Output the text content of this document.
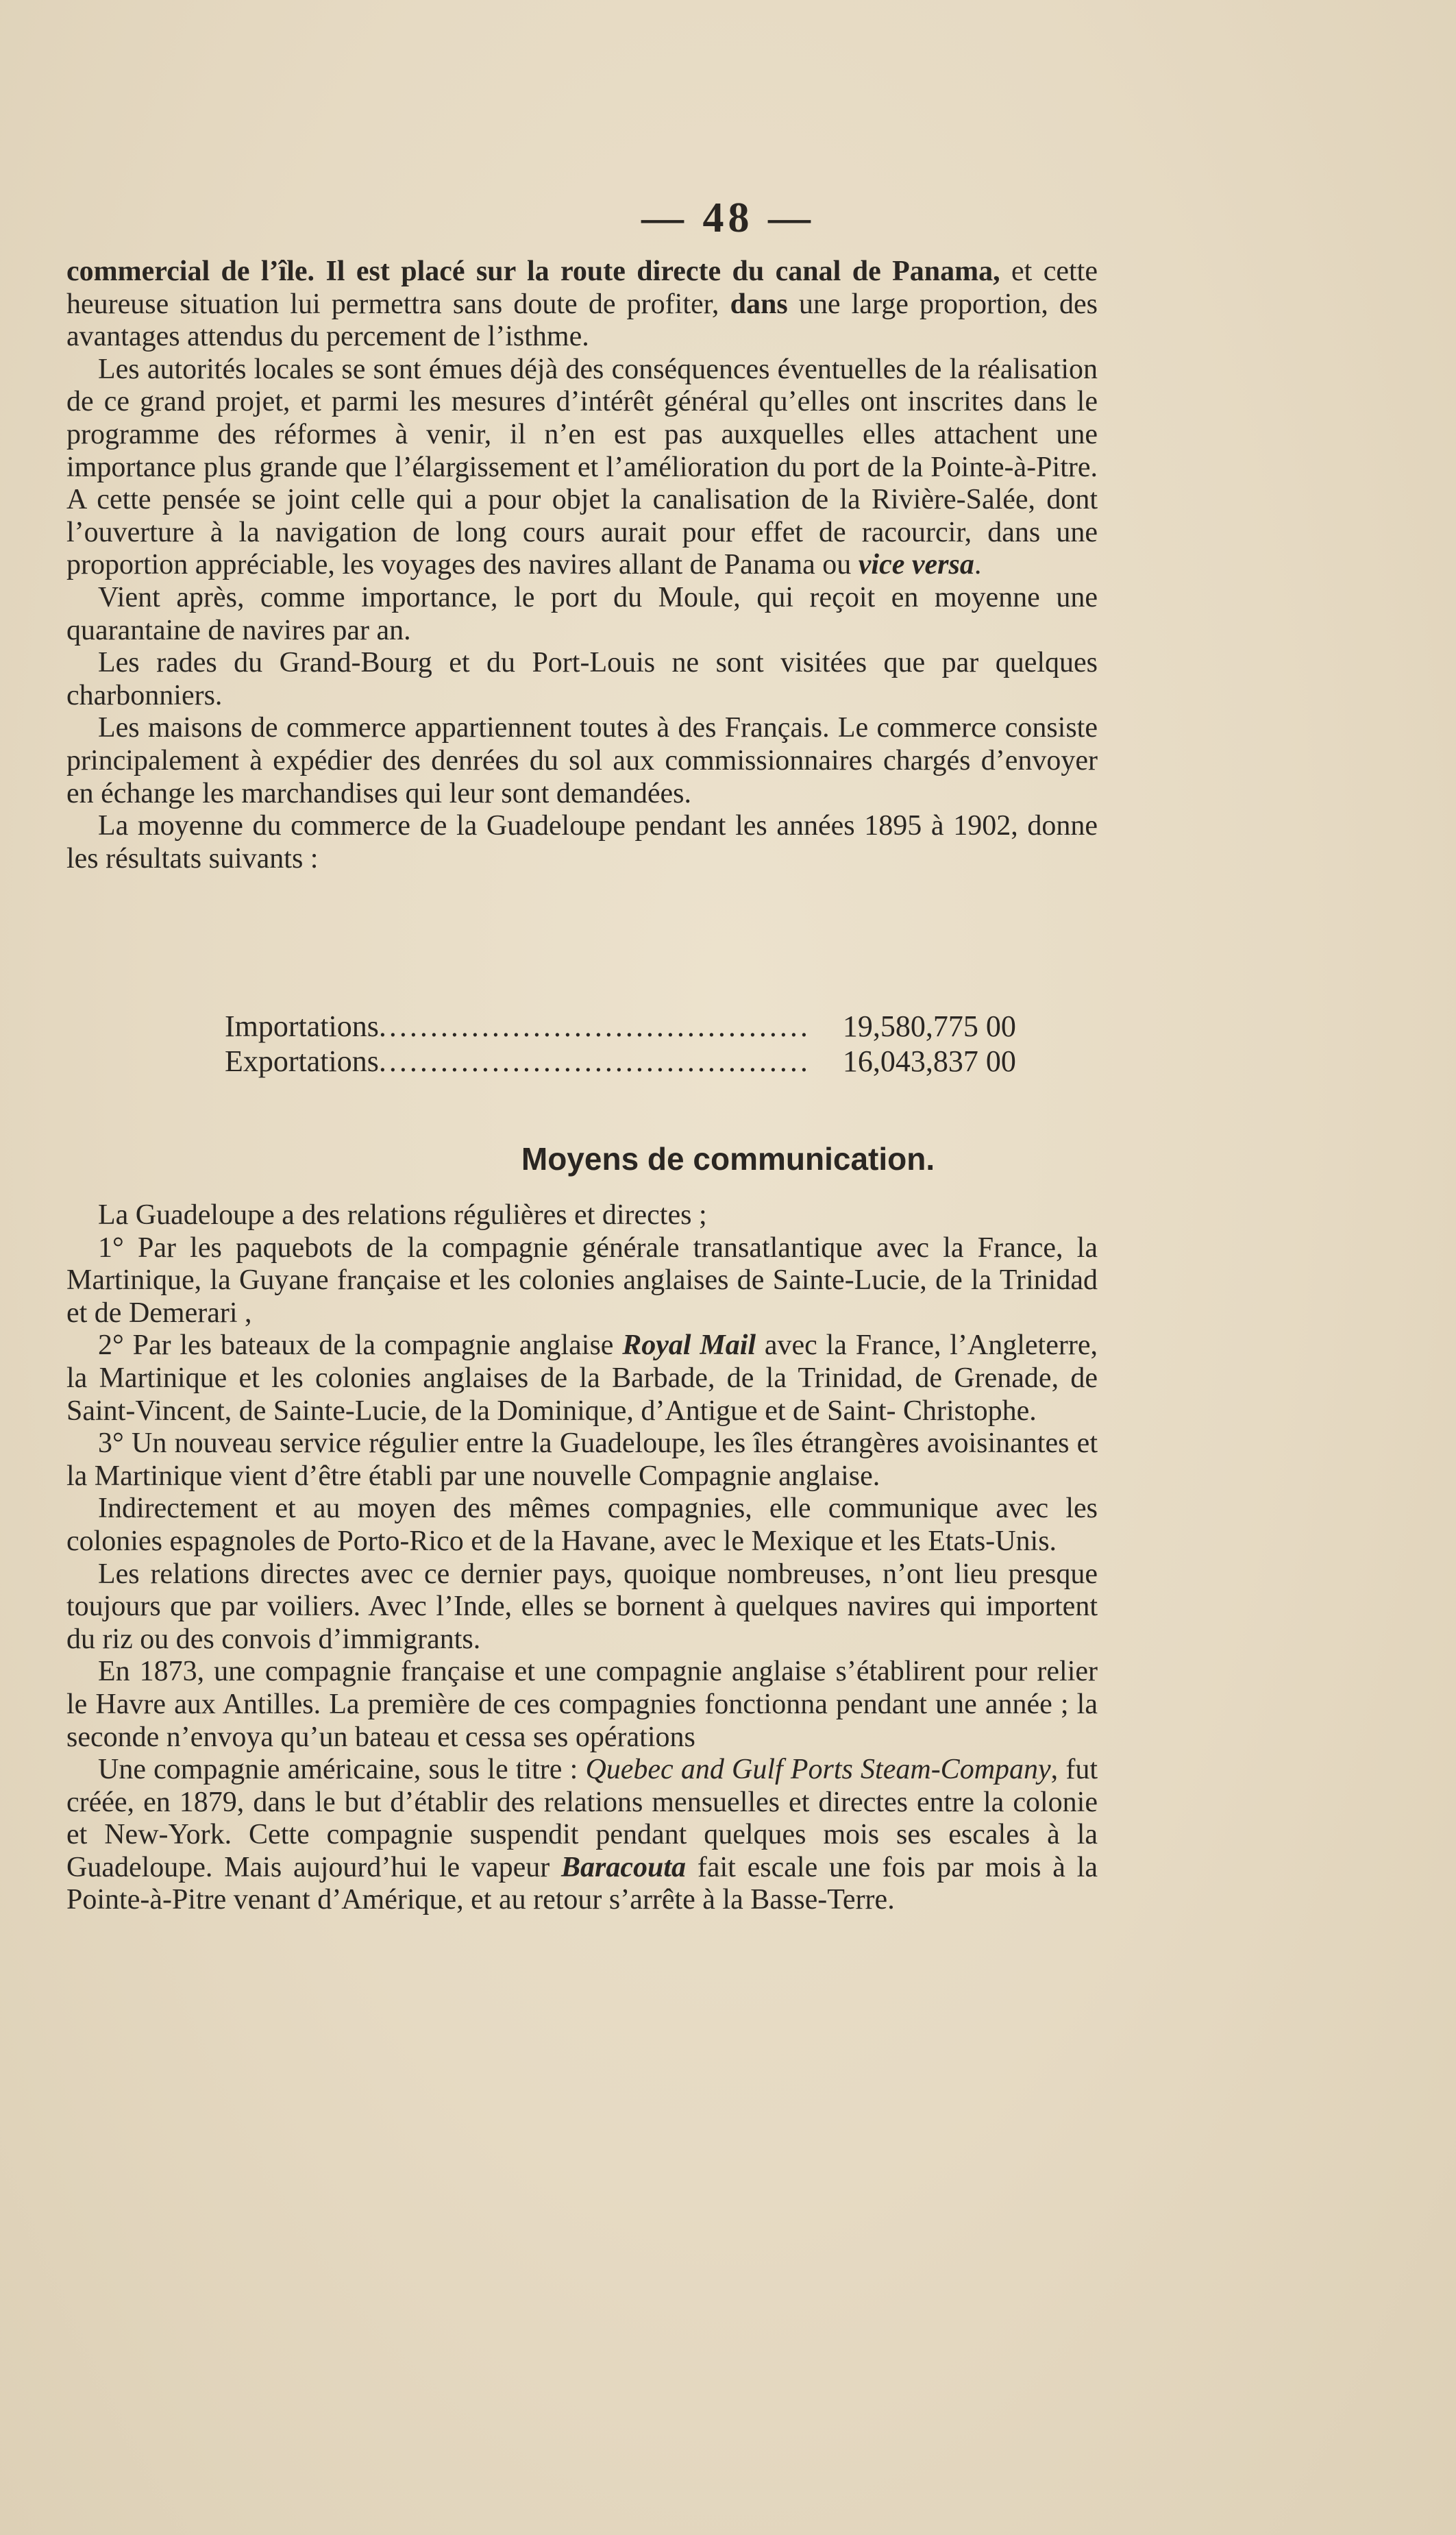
— 48 —

commercial de l’île. Il est placé sur la route directe du canal de Panama, et cette heureuse situation lui permettra sans doute de profiter, dans une large proportion, des avantages attendus du percement de l’isthme.

Les autorités locales se sont émues déjà des conséquences éventuelles de la réalisation de ce grand projet, et parmi les mesures d’intérêt général qu’elles ont inscrites dans le programme des réformes à venir, il n’en est pas auxquelles elles attachent une importance plus grande que l’élargissement et l’amélioration du port de la Pointe-à-Pitre. A cette pensée se joint celle qui a pour objet la canalisation de la Rivière-Salée, dont l’ouverture à la navigation de long cours aurait pour effet de racourcir, dans une proportion appréciable, les voyages des navires allant de Panama ou vice versa.

Vient après, comme importance, le port du Moule, qui reçoit en moyenne une quarantaine de navires par an.

Les rades du Grand-Bourg et du Port-Louis ne sont visitées que par quelques charbonniers.

Les maisons de commerce appartiennent toutes à des Français. Le commerce consiste principalement à expédier des denrées du sol aux commissionnaires chargés d’envoyer en échange les marchandises qui leur sont demandées.

La moyenne du commerce de la Guadeloupe pendant les années 1895 à 1902, donne les résultats suivants :

Importations ..........................................	19,580,775 00
Exportations ..........................................	16,043,837 00
Moyens de communication.

La Guadeloupe a des relations régulières et directes ;

1° Par les paquebots de la compagnie générale transatlantique avec la France, la Martinique, la Guyane française et les colonies anglaises de Sainte-Lucie, de la Trinidad et de Demerari ,

2° Par les bateaux de la compagnie anglaise Royal Mail avec la France, l’Angleterre, la Martinique et les colonies anglaises de la Barbade, de la Trinidad, de Grenade, de Saint-Vincent, de Sainte-Lucie, de la Dominique, d’Antigue et de Saint- Christophe.

3° Un nouveau service régulier entre la Guadeloupe, les îles étrangères avoisinantes et la Martinique vient d’être établi par une nouvelle Compagnie anglaise.

Indirectement et au moyen des mêmes compagnies, elle communique avec les colonies espagnoles de Porto-Rico et de la Havane, avec le Mexique et les Etats-Unis.

Les relations directes avec ce dernier pays, quoique nombreuses, n’ont lieu presque toujours que par voiliers. Avec l’Inde, elles se bornent à quelques navires qui importent du riz ou des convois d’immigrants.

En 1873, une compagnie française et une compagnie anglaise s’établirent pour relier le Havre aux Antilles. La première de ces compagnies fonctionna pendant une année ; la seconde n’envoya qu’un bateau et cessa ses opérations

Une compagnie américaine, sous le titre : Quebec and Gulf Ports Steam-Company, fut créée, en 1879, dans le but d’établir des relations mensuelles et directes entre la colonie et New-York. Cette compagnie suspendit pendant quelques mois ses escales à la Guadeloupe. Mais aujourd’hui le vapeur Baracouta fait escale une fois par mois à la Pointe-à-Pitre venant d’Amérique, et au retour s’arrête à la Basse-Terre.
